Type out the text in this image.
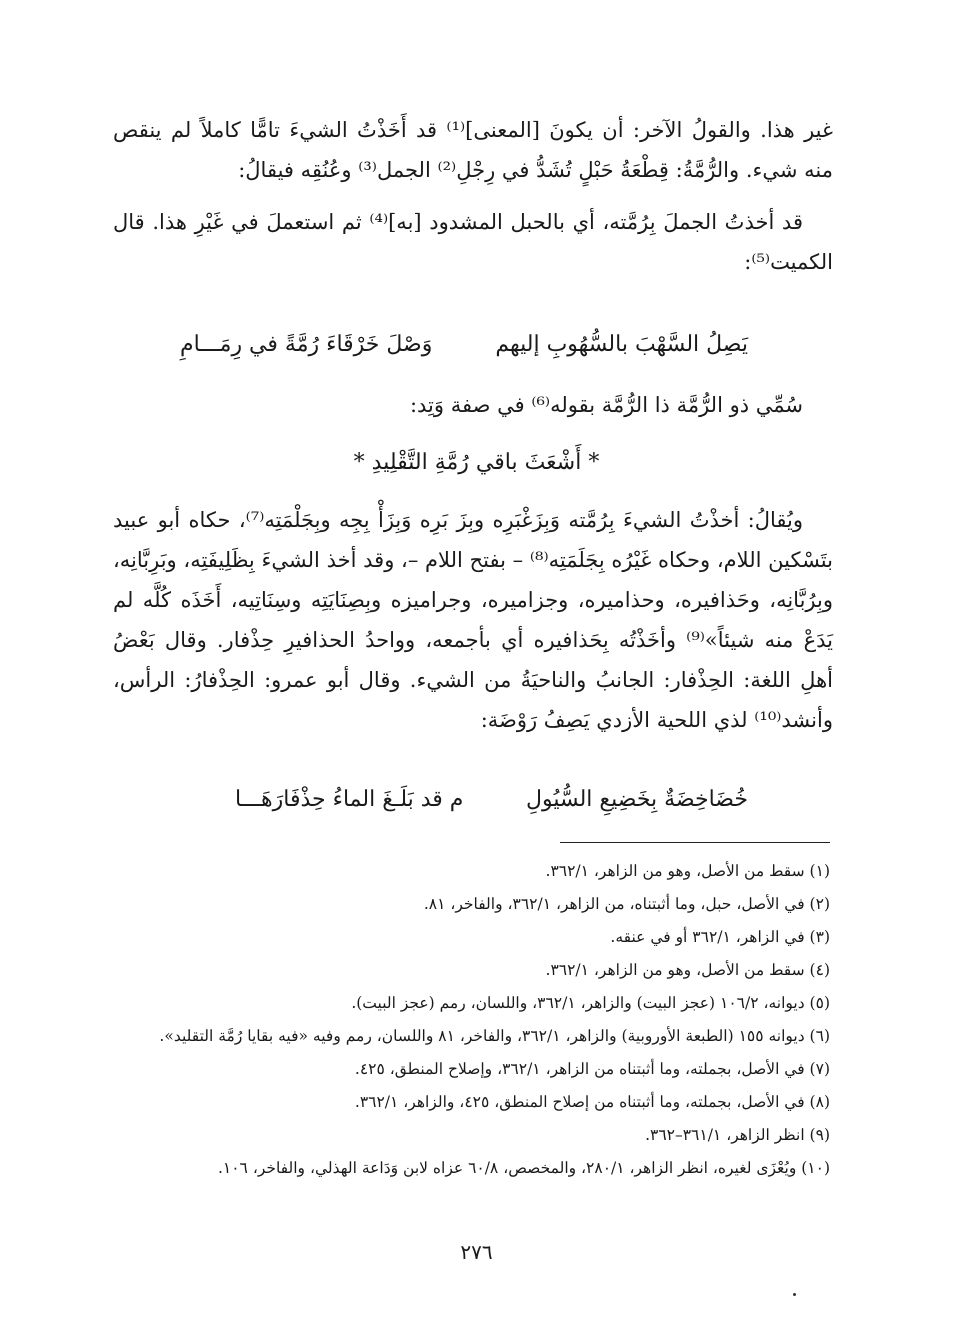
غير هذا. والقولُ الآخر: أن يكونَ [المعنى]⁽¹⁾ قد أَخَذْتُ الشيءَ تامًّا كاملاً لم ينقص منه شيء. والرُّمَّةُ: قِطْعَةُ حَبْلٍ تُشَدُّ في رِجْلِ⁽²⁾ الجمل⁽³⁾ وعُنُقِه فيقالُ:

قد أخذتُ الجملَ بِرُمَّته، أي بالحبل المشدود [به]⁽⁴⁾ ثم استعملَ في غَيْرِ هذا. قال الكميت⁽⁵⁾:

يَصِلُ السَّهْبَ بالسُّهُوبِ إليهم
وَصْلَ خَرْقَاءَ رُمَّةً في رِمَـــامِ

سُمِّي ذو الرُّمَّة ذا الرُّمَّة بقوله⁽⁶⁾ في صفة وَتِد:

* أَشْعَثَ باقي رُمَّةِ التَّقْلِيدِ *

ويُقالُ: أخذْتُ الشيءَ بِرُمَّته وَبِزَغْبَرِه وبِزَ بَرِه وَبِزَأْ بِجِه وبِجَلْمَتِه⁽⁷⁾، حكاه أبو عبيد بتَسْكين اللام، وحكاه غَيْرُه بِجَلَمَتِه⁽⁸⁾ – بفتح اللام –، وقد أخذ الشيءَ بِظَلِيفَتِه، وبَرِبَّانِه، وبِرُبَّانِه، وحَذافيره، وحذاميره، وجزاميره، وجراميزه وبِصِنَايَتِه وسِنَاتِيه، أَخَذَه كُلَّه لم يَدَعْ منه شيئاً»⁽⁹⁾ وأخَذْتُه بِحَذافيره أي بأجمعه، وواحدُ الحذافيرِ حِذْفار. وقال بَعْضُ أهلِ اللغة: الحِذْفار: الجانبُ والناحيَةُ من الشيء. وقال أبو عمرو: الحِذْفارُ: الرأس، وأنشد⁽¹⁰⁾ لذي اللحية الأزدي يَصِفُ رَوْضَة:

خُضَاخِضَةٌ بِخَضِيعِ السُّيُولِ
م قد بَلَـغَ الماءُ حِذْفَارَهَـــا

(١) سقط من الأصل، وهو من الزاهر، ٣٦٢/١.

(٢) في الأصل، حبل، وما أثبتناه، من الزاهر، ٣٦٢/١، والفاخر، ٨١.

(٣) في الزاهر، ٣٦٢/١ أو في عنقه.

(٤) سقط من الأصل، وهو من الزاهر، ٣٦٢/١.

(٥) ديوانه، ١٠٦/٢ (عجز البيت) والزاهر، ٣٦٢/١، واللسان، رمم (عجز البيت).

(٦) ديوانه ١٥٥ (الطبعة الأوروبية) والزاهر، ٣٦٢/١، والفاخر، ٨١ واللسان، رمم وفيه «فيه بقايا رُمَّة التقليد».

(٧) في الأصل، بجملته، وما أثبتناه من الزاهر، ٣٦٢/١، وإصلاح المنطق، ٤٢٥.

(٨) في الأصل، بجملته، وما أثبتناه من إصلاح المنطق، ٤٢٥، والزاهر، ٣٦٢/١.

(٩) انظر الزاهر، ٣٦١/١–٣٦٢.

(١٠) ويُعْزَى لغيره، انظر الزاهر، ٢٨٠/١، والمخصص، ٦٠/٨ عزاه لابن وَدَاعة الهذلي، والفاخر، ١٠٦.

٢٧٦
